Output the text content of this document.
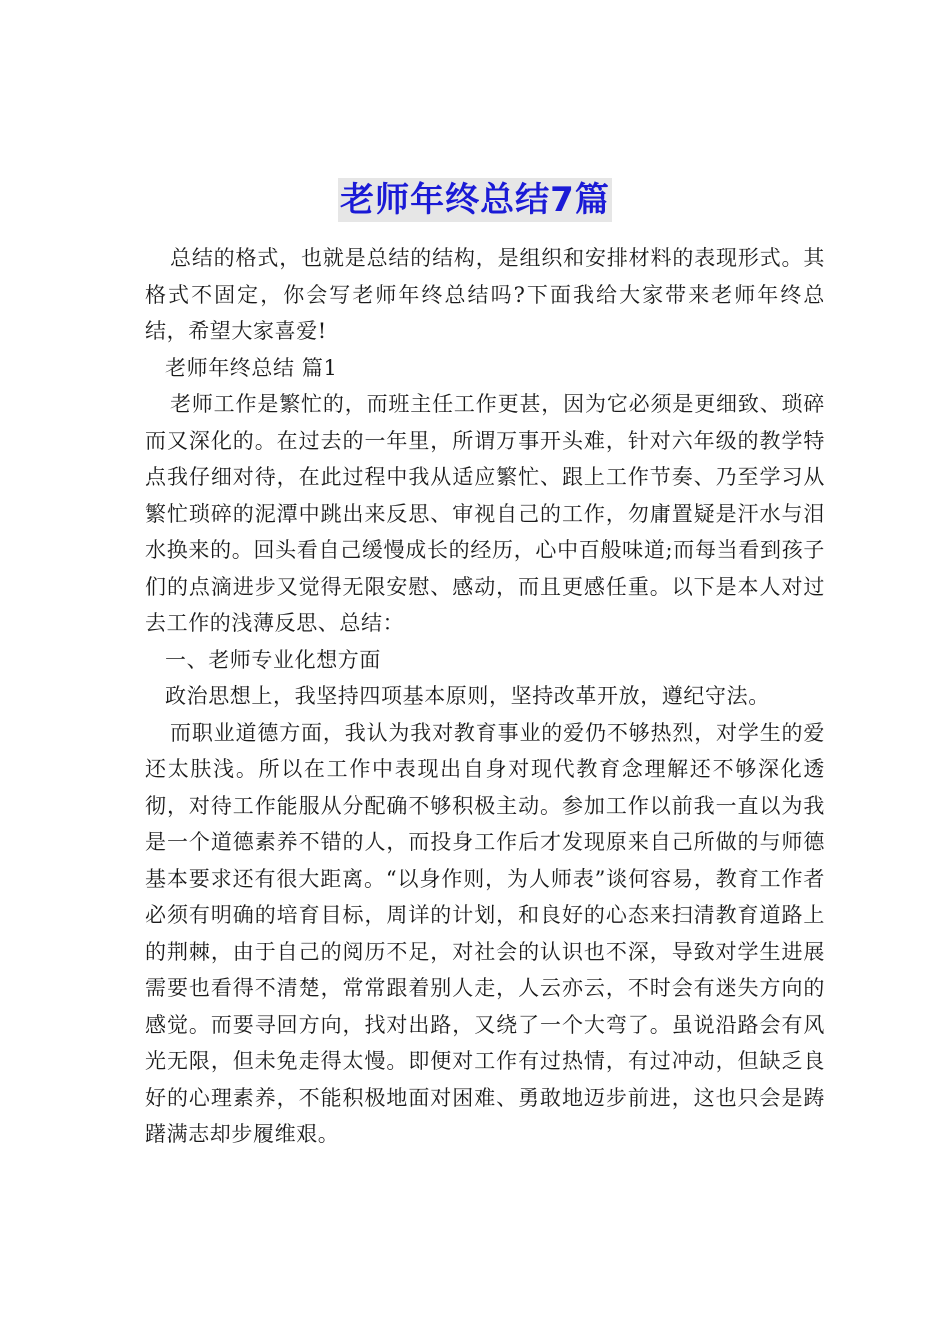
老师年终总结7篇

总结的格式，也就是总结的结构，是组织和安排材料的表现形式。其格式不固定，你会写老师年终总结吗?下面我给大家带来老师年终总结，希望大家喜爱!

老师年终总结 篇1

老师工作是繁忙的，而班主任工作更甚，因为它必须是更细致、琐碎而又深化的。在过去的一年里，所谓万事开头难，针对六年级的教学特点我仔细对待，在此过程中我从适应繁忙、跟上工作节奏、乃至学习从繁忙琐碎的泥潭中跳出来反思、审视自己的工作，勿庸置疑是汗水与泪水换来的。回头看自己缓慢成长的经历，心中百般味道;而每当看到孩子们的点滴进步又觉得无限安慰、感动，而且更感任重。以下是本人对过去工作的浅薄反思、总结：

一、老师专业化想方面

政治思想上，我坚持四项基本原则，坚持改革开放，遵纪守法。

而职业道德方面，我认为我对教育事业的爱仍不够热烈，对学生的爱还太肤浅。所以在工作中表现出自身对现代教育念理解还不够深化透彻，对待工作能服从分配确不够积极主动。参加工作以前我一直以为我是一个道德素养不错的人，而投身工作后才发现原来自己所做的与师德基本要求还有很大距离。“以身作则，为人师表”谈何容易，教育工作者必须有明确的培育目标，周详的计划，和良好的心态来扫清教育道路上的荆棘，由于自己的阅历不足，对社会的认识也不深，导致对学生进展需要也看得不清楚，常常跟着别人走，人云亦云，不时会有迷失方向的感觉。而要寻回方向，找对出路，又绕了一个大弯了。虽说沿路会有风光无限，但未免走得太慢。即便对工作有过热情，有过冲动，但缺乏良好的心理素养，不能积极地面对困难、勇敢地迈步前进，这也只会是踌躇满志却步履维艰。
